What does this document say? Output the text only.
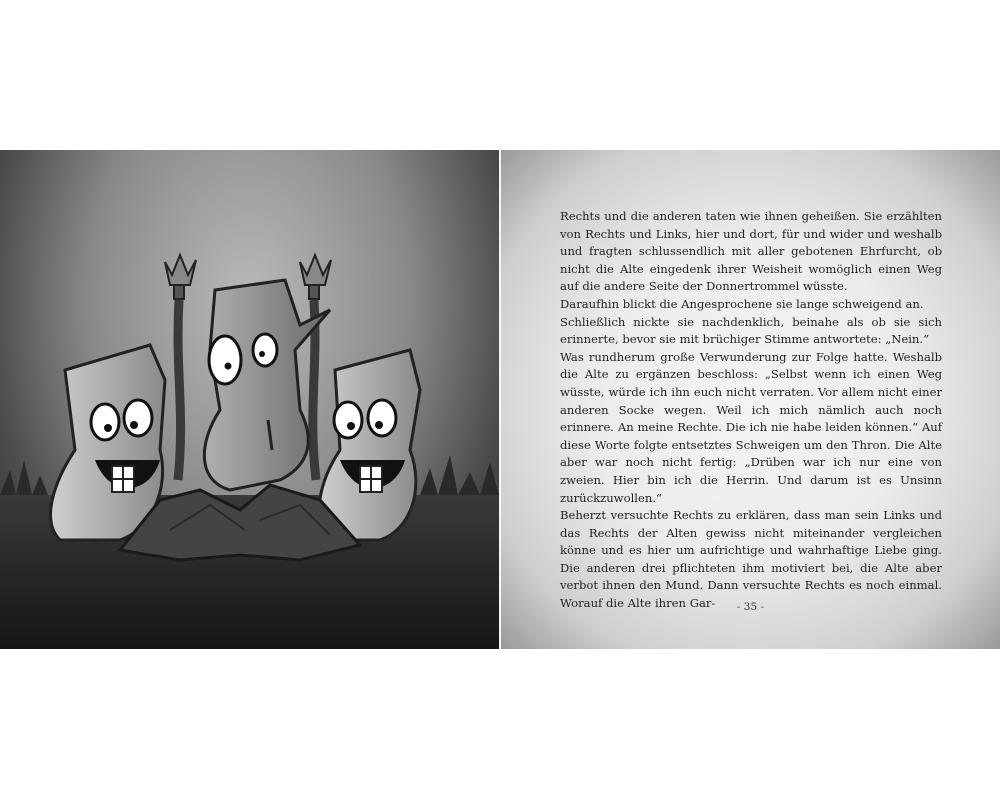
Rechts und die anderen taten wie ihnen geheißen. Sie erzählten von Rechts und Links, hier und dort, für und wider und weshalb und fragten schlussendlich mit aller gebotenen Ehrfurcht, ob nicht die Alte eingedenk ihrer Weisheit womöglich einen Weg auf die andere Seite der Donnertrommel wüsste.

Daraufhin blickt die Angesprochene sie lange schweigend an.

Schließlich nickte sie nachdenklich, beinahe als ob sie sich erinnerte, bevor sie mit brüchiger Stimme antwortete: „Nein.“

Was rundherum große Verwunderung zur Folge hatte. Weshalb die Alte zu ergänzen beschloss: „Selbst wenn ich einen Weg wüsste, würde ich ihn euch nicht verraten. Vor allem nicht einer anderen Socke wegen. Weil ich mich nämlich auch noch erinnere. An meine Rechte. Die ich nie habe leiden können.“ Auf diese Worte folgte entsetztes Schweigen um den Thron. Die Alte aber war noch nicht fertig: „Drüben war ich nur eine von zweien. Hier bin ich die Herrin. Und darum ist es Unsinn zurückzuwollen.“

Beherzt versuchte Rechts zu erklären, dass man sein Links und das Rechts der Alten gewiss nicht miteinander vergleichen könne und es hier um aufrichtige und wahrhaftige Liebe ging. Die anderen drei pflichteten ihm motiviert bei, die Alte aber verbot ihnen den Mund. Dann versuchte Rechts es noch einmal. Worauf die Alte ihren Gar-	- 35 -
